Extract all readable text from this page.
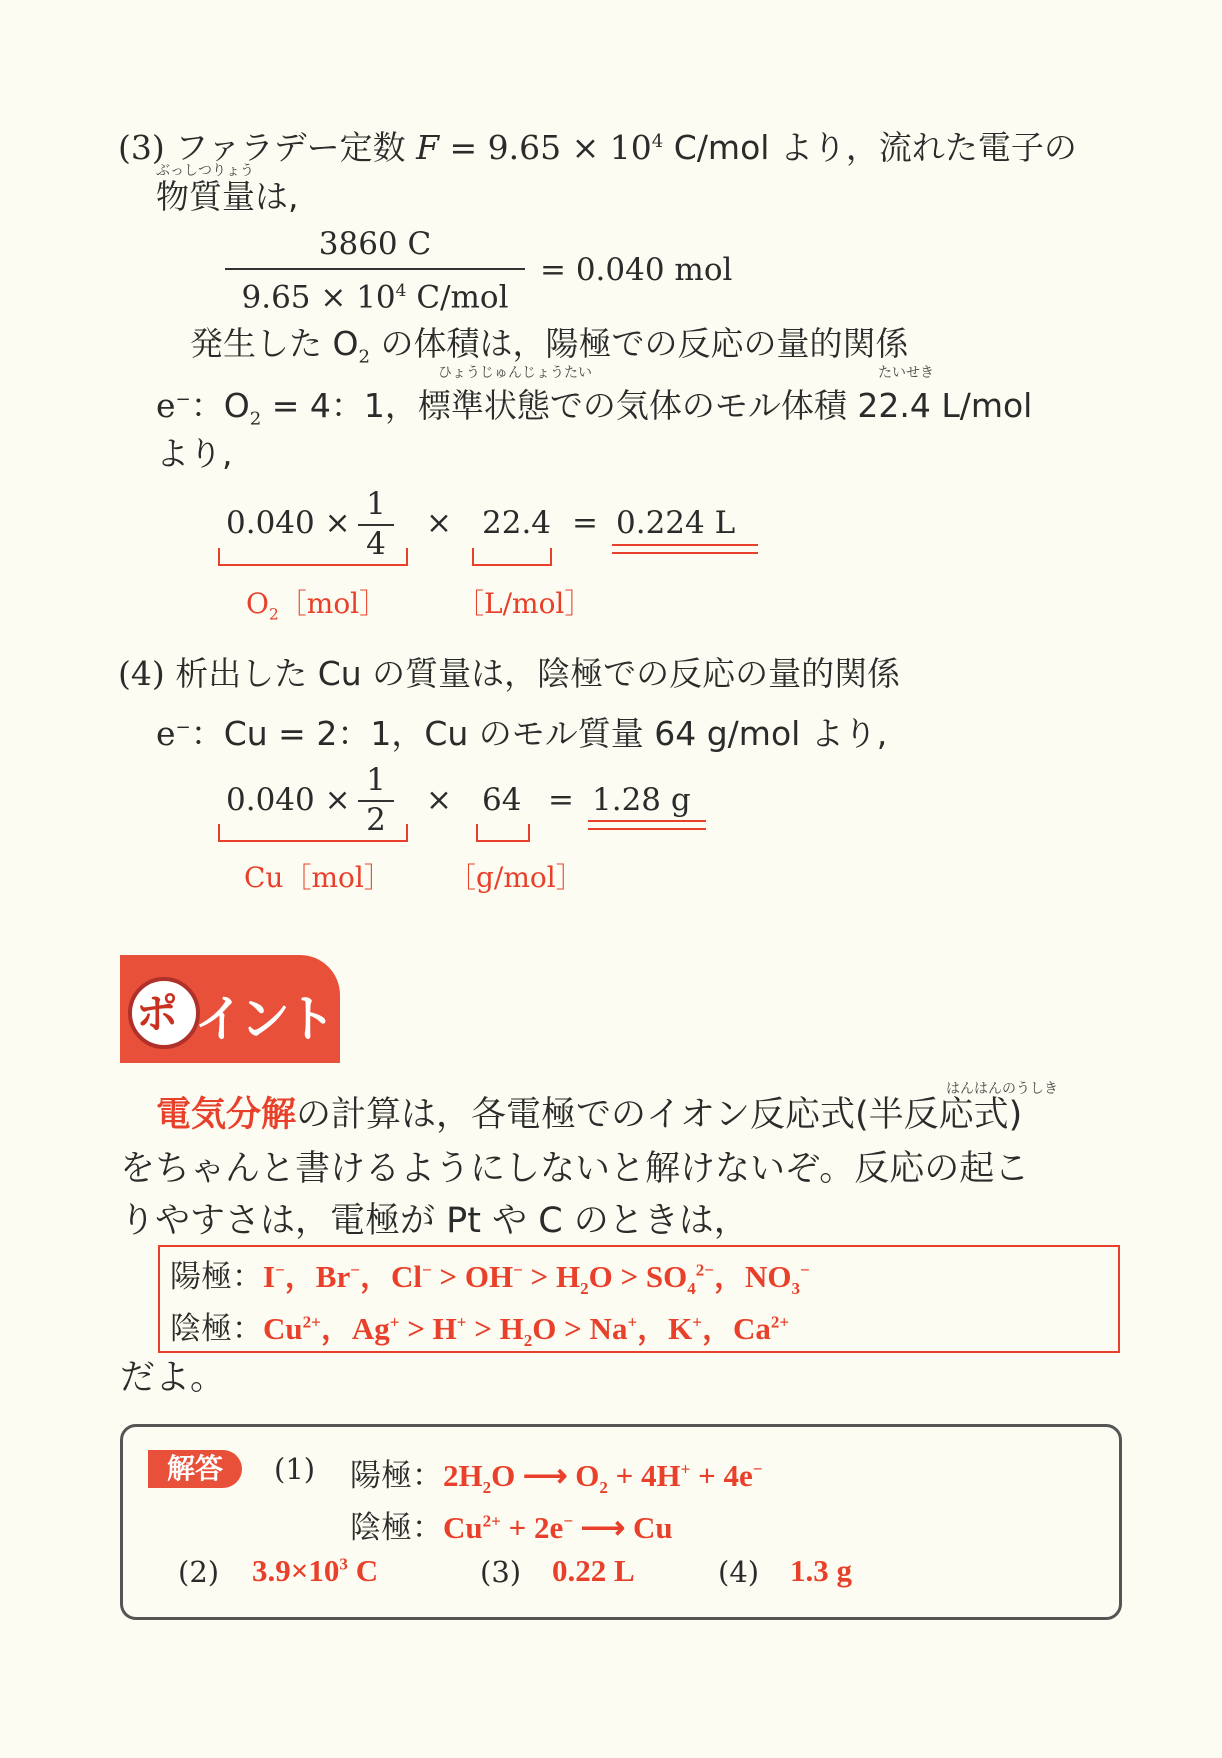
(3) ファラデー定数 $F = 9.65 \times 10^4$ C/mol より，流れた電子の
ぶっしつりょう
物質量は,
3860 C
$9.65 \times 10^4$ C/mol
= 0.040 mol
発生した $O_2$ の体積は，陽極での反応の量的関係
ひょうじゅんじょうたい	たいせき
e−：$O_2 = 4$：1，標準状態での気体のモル体積 22.4 L/mol
より,
0.040 ×
1
4
× 22.4 = 0.224 L
$O_2[mol]$ ［L/mol］
(4) 析出した Cu の質量は，陰極での反応の量的関係
e−：Cu = 2：1，Cu のモル質量 64 g/mol より,
0.040 ×
1
2
× 64 = 1.28 g
Cu［mol］ ［g/mol］
ポ イント
はんはんのうしき
電気分解の計算は，各電極でのイオン反応式(半反応式)
をちゃんと書けるようにしないと解けないぞ。反応の起こ
りやすさは，電極が Pt や C のときは，
陽極：I−，Br−，$Cl^- > OH^- > H_2O > SO_4^{2-}$，$NO_3^-$
陰極：$Cu^{2+}$，$Ag^+ > H^+ > H_2O > Na^+$，K+，$Ca^{2+}$
だよ。
解答	(1) 陽極：$2H_2O$ ⟶ $O_2 + 4H^+ + 4e^-$
陰極：$Cu^{2+} + 2e^-$ ⟶ Cu
(2) $3.9\times 10^3$ C	(3) 0.22 L	(4) 1.3 g
